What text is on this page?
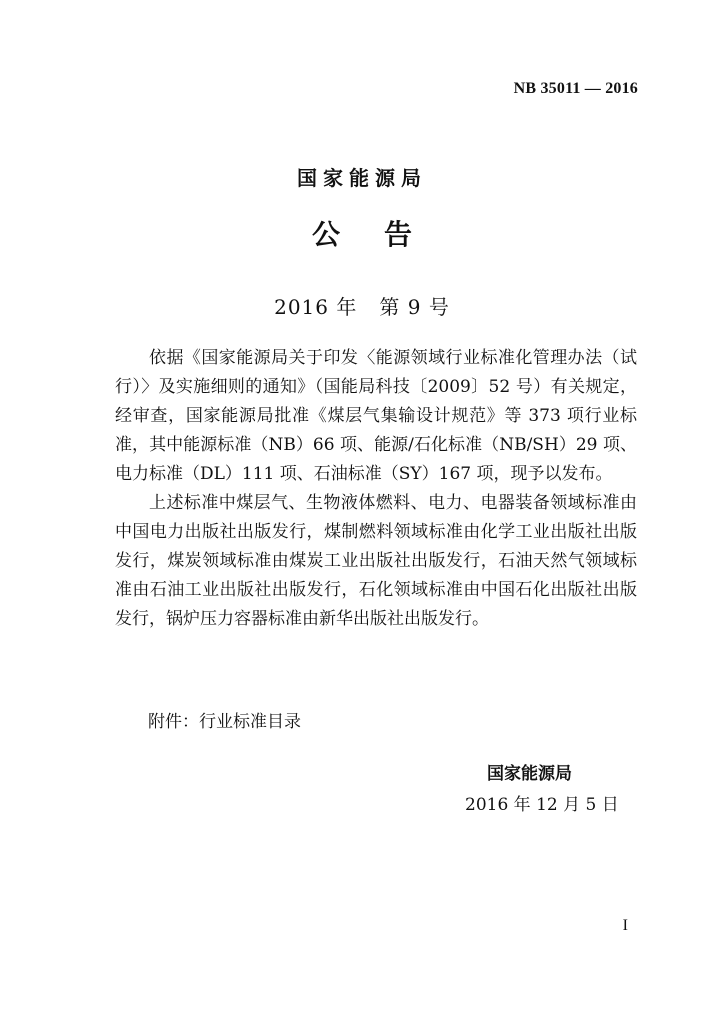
NB 35011 — 2016
国家能源局
公告
2016 年   第 9 号

依据《国家能源局关于印发〈能源领域行业标准化管理办法（试行）〉及实施细则的通知》（国能局科技〔2009〕52 号）有关规定，经审查，国家能源局批准《煤层气集输设计规范》等 373 项行业标准，其中能源标准（NB）66 项、能源/石化标准（NB/SH）29 项、电力标准（DL）111 项、石油标准（SY）167 项，现予以发布。

上述标准中煤层气、生物液体燃料、电力、电器装备领域标准由中国电力出版社出版发行，煤制燃料领域标准由化学工业出版社出版发行，煤炭领域标准由煤炭工业出版社出版发行，石油天然气领域标准由石油工业出版社出版发行，石化领域标准由中国石化出版社出版发行，锅炉压力容器标准由新华出版社出版发行。

附件：行业标准目录
国家能源局
2016 年 12 月 5 日
I
